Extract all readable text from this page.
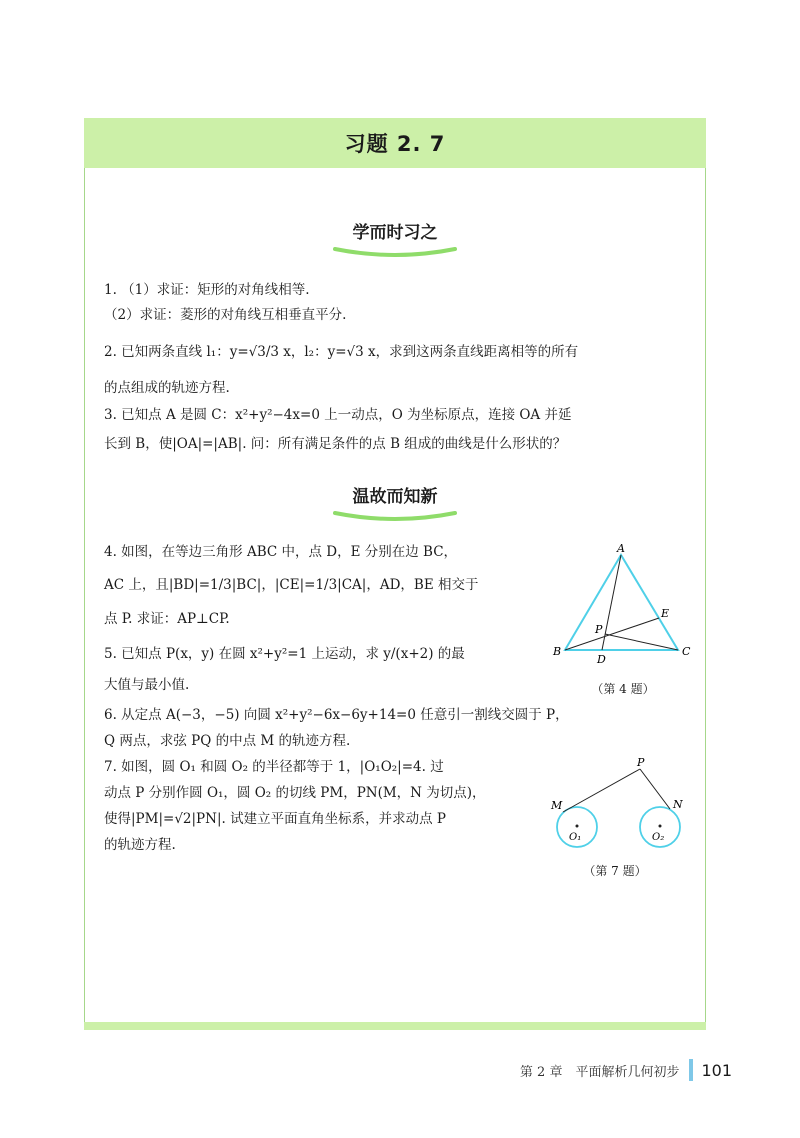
习题 2. 7
学而时习之
1. （1）求证：矩形的对角线相等.
（2）求证：菱形的对角线互相垂直平分.
2. 已知两条直线 l₁：y=√3/3 x，l₂：y=√3 x，求到这两条直线距离相等的所有
的点组成的轨迹方程.
3. 已知点 A 是圆 C：x²+y²−4x=0 上一动点，O 为坐标原点，连接 OA 并延
长到 B，使|OA|=|AB|. 问：所有满足条件的点 B 组成的曲线是什么形状的？
温故而知新
4. 如图，在等边三角形 ABC 中，点 D，E 分别在边 BC，
AC 上，且|BD|=1/3|BC|，|CE|=1/3|CA|，AD，BE 相交于
点 P. 求证：AP⊥CP.
5. 已知点 P(x，y) 在圆 x²+y²=1 上运动，求 y/(x+2) 的最
大值与最小值.
6. 从定点 A(−3，−5) 向圆 x²+y²−6x−6y+14=0 任意引一割线交圆于 P，
Q 两点，求弦 PQ 的中点 M 的轨迹方程.
7. 如图，圆 O₁ 和圆 O₂ 的半径都等于 1，|O₁O₂|=4. 过
动点 P 分别作圆 O₁，圆 O₂ 的切线 PM，PN(M，N 为切点)，
使得|PM|=√2|PN|. 试建立平面直角坐标系，并求动点 P
的轨迹方程.
A
B	C
D
E
P
（第 4 题）
P
M	N
O₁	O₂
（第 7 题）
第 2 章　平面解析几何初步 101
